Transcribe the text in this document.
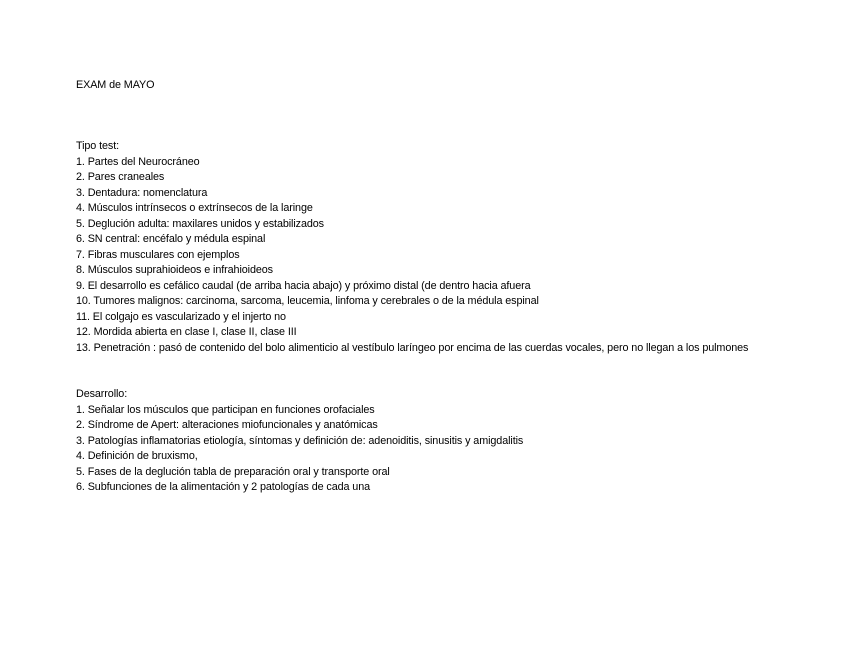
EXAM de MAYO
Tipo test:
1. Partes del Neurocráneo
2. Pares craneales
3. Dentadura: nomenclatura
4. Músculos intrínsecos o extrínsecos de la laringe
5. Deglución adulta: maxilares unidos y estabilizados
6. SN central: encéfalo y médula espinal
7. Fibras musculares con ejemplos
8. Músculos suprahioideos e infrahioideos
9. El desarrollo es cefálico caudal (de arriba hacia abajo) y próximo distal (de dentro hacia afuera
10. Tumores malignos: carcinoma, sarcoma, leucemia, linfoma y cerebrales o de la médula espinal
11. El colgajo es vascularizado y el injerto no
12. Mordida abierta en clase I, clase II, clase III
13. Penetración : pasó de contenido del bolo alimenticio al vestíbulo laríngeo por encima de las cuerdas vocales, pero no llegan a los pulmones
Desarrollo:
1. Señalar los músculos que participan en funciones orofaciales
2. Síndrome de Apert: alteraciones miofuncionales y anatómicas
3. Patologías inflamatorias etiología, síntomas y definición de: adenoiditis, sinusitis y amigdalitis
4. Definición de bruxismo,
5. Fases de la deglución tabla de preparación oral y transporte oral
6. Subfunciones de la alimentación y 2 patologías de cada una
